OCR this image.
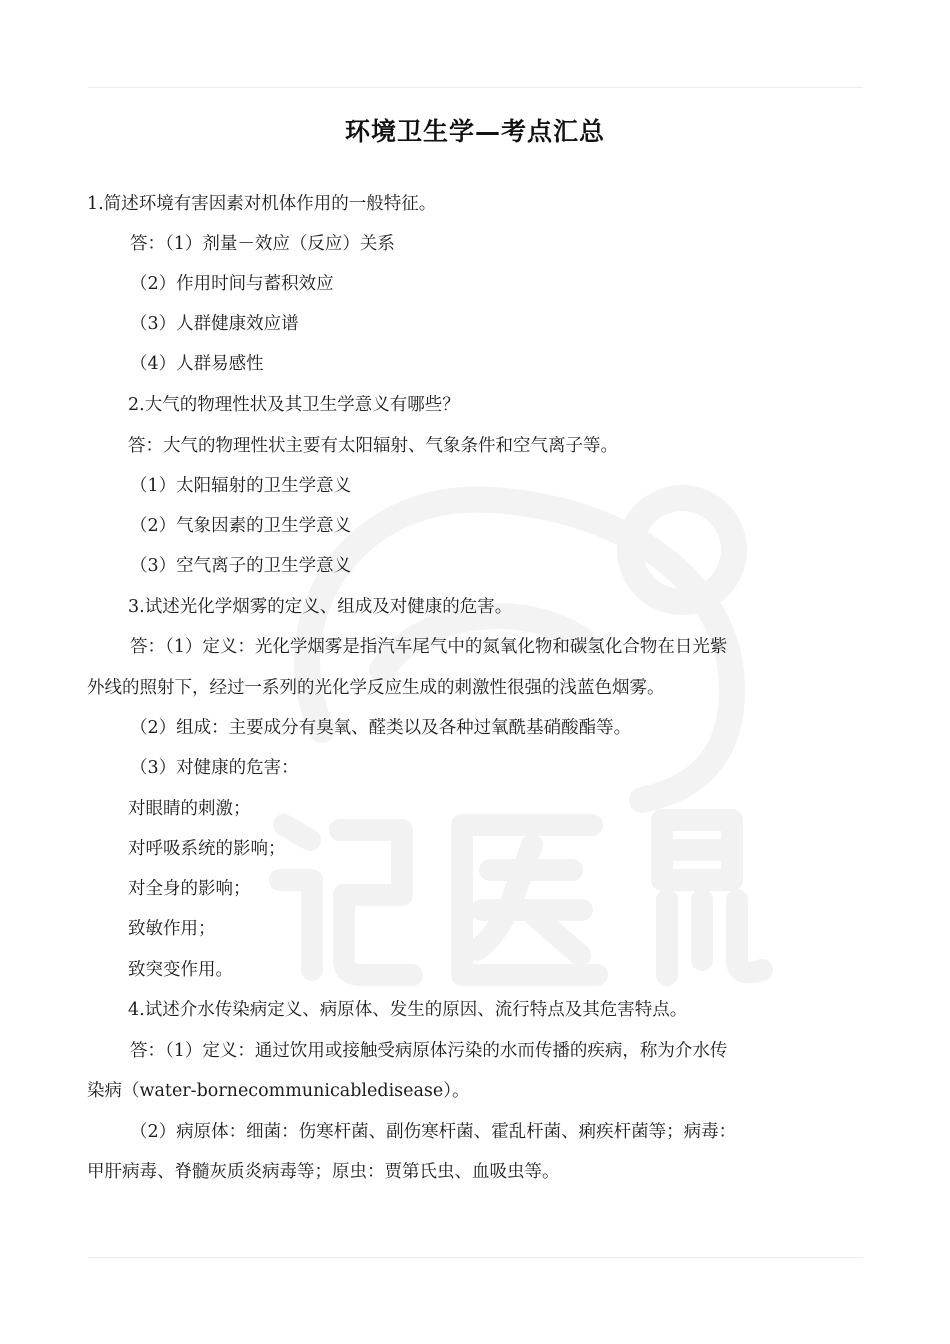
环境卫生学—考点汇总
1.简述环境有害因素对机体作用的一般特征。
答：（1）剂量－效应（反应）关系
（2）作用时间与蓄积效应
（3）人群健康效应谱
（4）人群易感性
2.大气的物理性状及其卫生学意义有哪些？
答：大气的物理性状主要有太阳辐射、气象条件和空气离子等。
（1）太阳辐射的卫生学意义
（2）气象因素的卫生学意义
（3）空气离子的卫生学意义
3.试述光化学烟雾的定义、组成及对健康的危害。
答：（1）定义：光化学烟雾是指汽车尾气中的氮氧化物和碳氢化合物在日光紫
外线的照射下，经过一系列的光化学反应生成的刺激性很强的浅蓝色烟雾。
（2）组成：主要成分有臭氧、醛类以及各种过氧酰基硝酸酯等。
（3）对健康的危害：
对眼睛的刺激；
对呼吸系统的影响；
对全身的影响；
致敏作用；
致突变作用。
4.试述介水传染病定义、病原体、发生的原因、流行特点及其危害特点。
答：（1）定义：通过饮用或接触受病原体污染的水而传播的疾病，称为介水传
染病（water-bornecommunicabledisease）。
（2）病原体：细菌：伤寒杆菌、副伤寒杆菌、霍乱杆菌、痢疾杆菌等；病毒：
甲肝病毒、脊髓灰质炎病毒等；原虫：贾第氏虫、血吸虫等。
